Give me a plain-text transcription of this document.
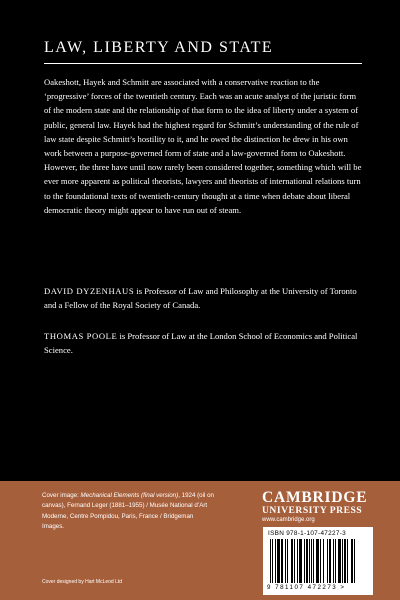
LAW, LIBERTY AND STATE

Oakeshott, Hayek and Schmitt are associated with a conservative reaction to the ‘progressive’ forces of the twentieth century. Each was an acute analyst of the juristic form of the modern state and the relationship of that form to the idea of liberty under a system of public, general law. Hayek had the highest regard for Schmitt’s understanding of the rule of law state despite Schmitt’s hostility to it, and he owed the distinction he drew in his own work between a purpose-governed form of state and a law-governed form to Oakeshott. However, the three have until now rarely been considered together, something which will be ever more apparent as political theorists, lawyers and theorists of international relations turn to the foundational texts of twentieth-century thought at a time when debate about liberal democratic theory might appear to have run out of steam.

DAVID DYZENHAUS is Professor of Law and Philosophy at the University of Toronto and a Fellow of the Royal Society of Canada.

THOMAS POOLE is Professor of Law at the London School of Economics and Political Science.

Cover image: Mechanical Elements (final version), 1924 (oil on canvas), Fernand Leger (1881–1955) / Musée National d’Art Moderne, Centre Pompidou, Paris, France / Bridgeman Images.

Cover designed by Hart McLeod Ltd

CAMBRIDGE
UNIVERSITY PRESS
www.cambridge.org
ISBN 978-1-107-47227-3
9 781107 472273 >
